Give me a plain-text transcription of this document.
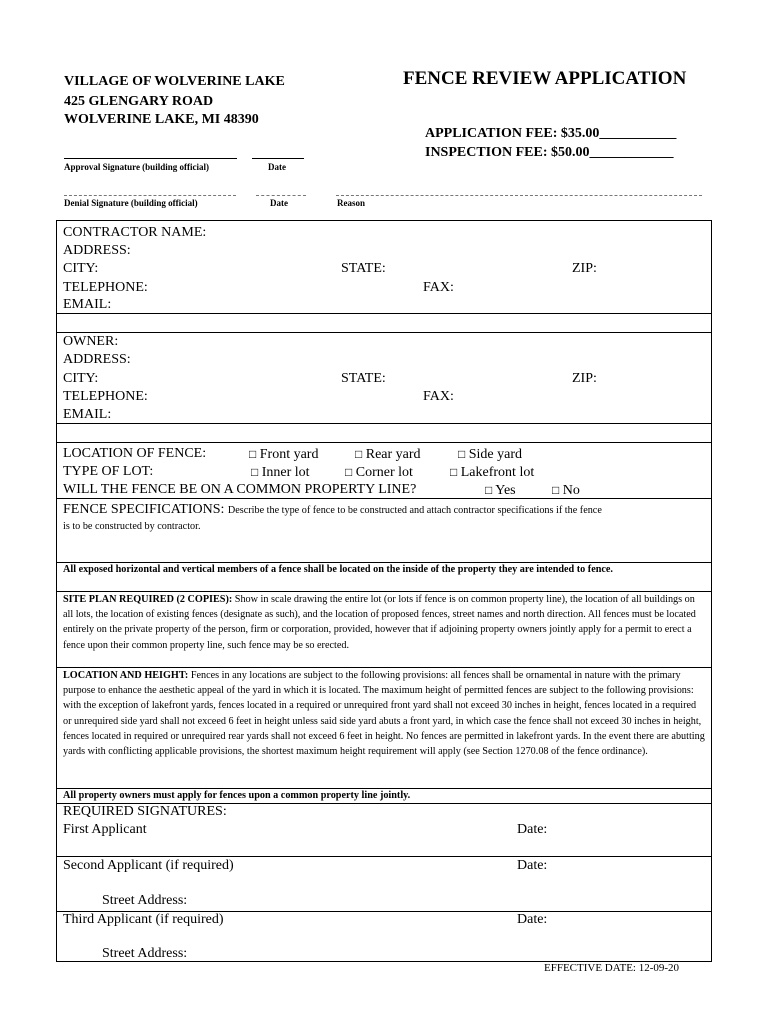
VILLAGE OF WOLVERINE LAKE
425 GLENGARY ROAD
WOLVERINE LAKE, MI 48390
FENCE REVIEW APPLICATION
APPLICATION FEE: $35.00___________
INSPECTION FEE: $50.00____________
Approval Signature (building official)	Date
Denial Signature (building official)	Date	Reason
CONTRACTOR NAME:
ADDRESS:
CITY:	STATE:	ZIP:
TELEPHONE:	FAX:
EMAIL:
OWNER:
ADDRESS:
CITY:	STATE:	ZIP:
TELEPHONE:	FAX:
EMAIL:
LOCATION OF FENCE:	□ Front yard	□ Rear yard	□ Side yard
TYPE OF LOT:	□ Inner lot	□ Corner lot	□ Lakefront lot
WILL THE FENCE BE ON A COMMON PROPERTY LINE?	□ Yes	□ No
FENCE SPECIFICATIONS: Describe the type of fence to be constructed and attach contractor specifications if the fence
is to be constructed by contractor.
All exposed horizontal and vertical members of a fence shall be located on the inside of the property they are intended to fence.
SITE PLAN REQUIRED (2 COPIES): Show in scale drawing the entire lot (or lots if fence is on common property line), the location of all buildings on all lots, the location of existing fences (designate as such), and the location of proposed fences, street names and north direction. All fences must be located entirely on the private property of the person, firm or corporation, provided, however that if adjoining property owners jointly apply for a permit to erect a fence upon their common property line, such fence may be so erected.
LOCATION AND HEIGHT: Fences in any locations are subject to the following provisions: all fences shall be ornamental in nature with the primary purpose to enhance the aesthetic appeal of the yard in which it is located. The maximum height of permitted fences are subject to the following provisions: with the exception of lakefront yards, fences located in a required or unrequired front yard shall not exceed 30 inches in height, fences located in a required or unrequired side yard shall not exceed 6 feet in height unless said side yard abuts a front yard, in which case the fence shall not exceed 30 inches in height, fences located in required or unrequired rear yards shall not exceed 6 feet in height. No fences are permitted in lakefront yards. In the event there are abutting yards with conflicting applicable provisions, the shortest maximum height requirement will apply (see Section 1270.08 of the fence ordinance).
All property owners must apply for fences upon a common property line jointly.
REQUIRED SIGNATURES:
First Applicant	Date:
Second Applicant (if required)	Date:
Street Address:
Third Applicant (if required)	Date:
Street Address:
EFFECTIVE DATE: 12-09-20
